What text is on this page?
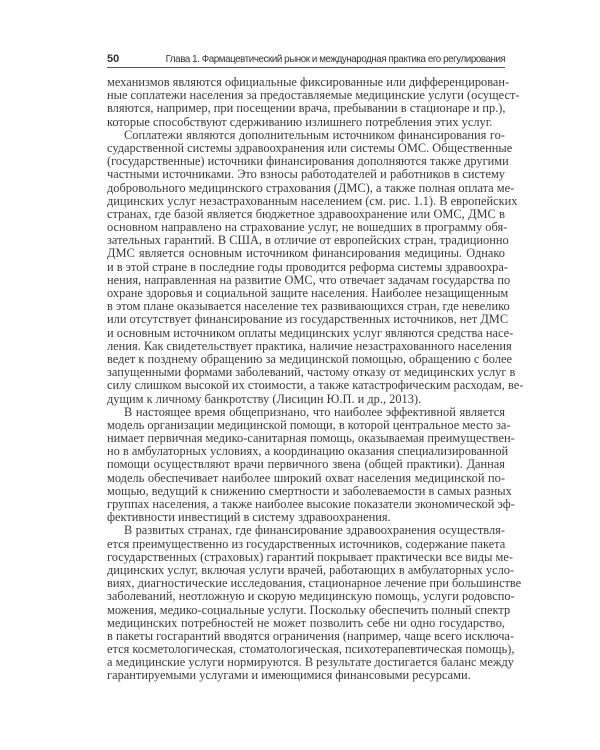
50	Глава 1. Фармацевтический рынок и международная практика его регулирования
механизмов являются официальные фиксированные или дифференцирован-
ные соплатежи населения за предоставляемые медицинские услуги (осущест-
вляются, например, при посещении врача, пребывании в стационаре и пр.),
которые способствуют сдерживанию излишнего потребления этих услуг.
Соплатежи являются дополнительным источником финансирования го-
сударственной системы здравоохранения или системы ОМС. Общественные
(государственные) источники финансирования дополняются также другими
частными источниками. Это взносы работодателей и работников в систему
добровольного медицинского страхования (ДМС), а также полная оплата ме-
дицинских услуг незастрахованным населением (см. рис. 1.1). В европейских
странах, где базой является бюджетное здравоохранение или ОМС, ДМС в
основном направлено на страхование услуг, не вошедших в программу обя-
зательных гарантий. В США, в отличие от европейских стран, традиционно
ДМС является основным источником финансирования медицины. Однако
и в этой стране в последние годы проводится реформа системы здравоохра-
нения, направленная на развитие ОМС, что отвечает задачам государства по
охране здоровья и социальной защите населения. Наиболее незащищенным
в этом плане оказывается население тех развивающихся стран, где невелико
или отсутствует финансирование из государственных источников, нет ДМС
и основным источником оплаты медицинских услуг являются средства насе-
ления. Как свидетельствует практика, наличие незастрахованного населения
ведет к позднему обращению за медицинской помощью, обращению с более
запущенными формами заболеваний, частому отказу от медицинских услуг в
силу слишком высокой их стоимости, а также катастрофическим расходам, ве-
дущим к личному банкротству (Лисицин Ю.П. и др., 2013).
В настоящее время общепризнано, что наиболее эффективной является
модель организации медицинской помощи, в которой центральное место за-
нимает первичная медико-санитарная помощь, оказываемая преимуществен-
но в амбулаторных условиях, а координацию оказания специализированной
помощи осуществляют врачи первичного звена (общей практики). Данная
модель обеспечивает наиболее широкий охват населения медицинской по-
мощью, ведущий к снижению смертности и заболеваемости в самых разных
группах населения, а также наиболее высокие показатели экономической эф-
фективности инвестиций в систему здравоохранения.
В развитых странах, где финансирование здравоохранения осуществля-
ется преимущественно из государственных источников, содержание пакета
государственных (страховых) гарантий покрывает практически все виды ме-
дицинских услуг, включая услуги врачей, работающих в амбулаторных усло-
виях, диагностические исследования, стационарное лечение при большинстве
заболеваний, неотложную и скорую медицинскую помощь, услуги родовспо-
можения, медико-социальные услуги. Поскольку обеспечить полный спектр
медицинских потребностей не может позволить себе ни одно государство,
в пакеты госгарантий вводятся ограничения (например, чаще всего исключа-
ется косметологическая, стоматологическая, психотерапевтическая помощь),
а медицинские услуги нормируются. В результате достигается баланс между
гарантируемыми услугами и имеющимися финансовыми ресурсами.
